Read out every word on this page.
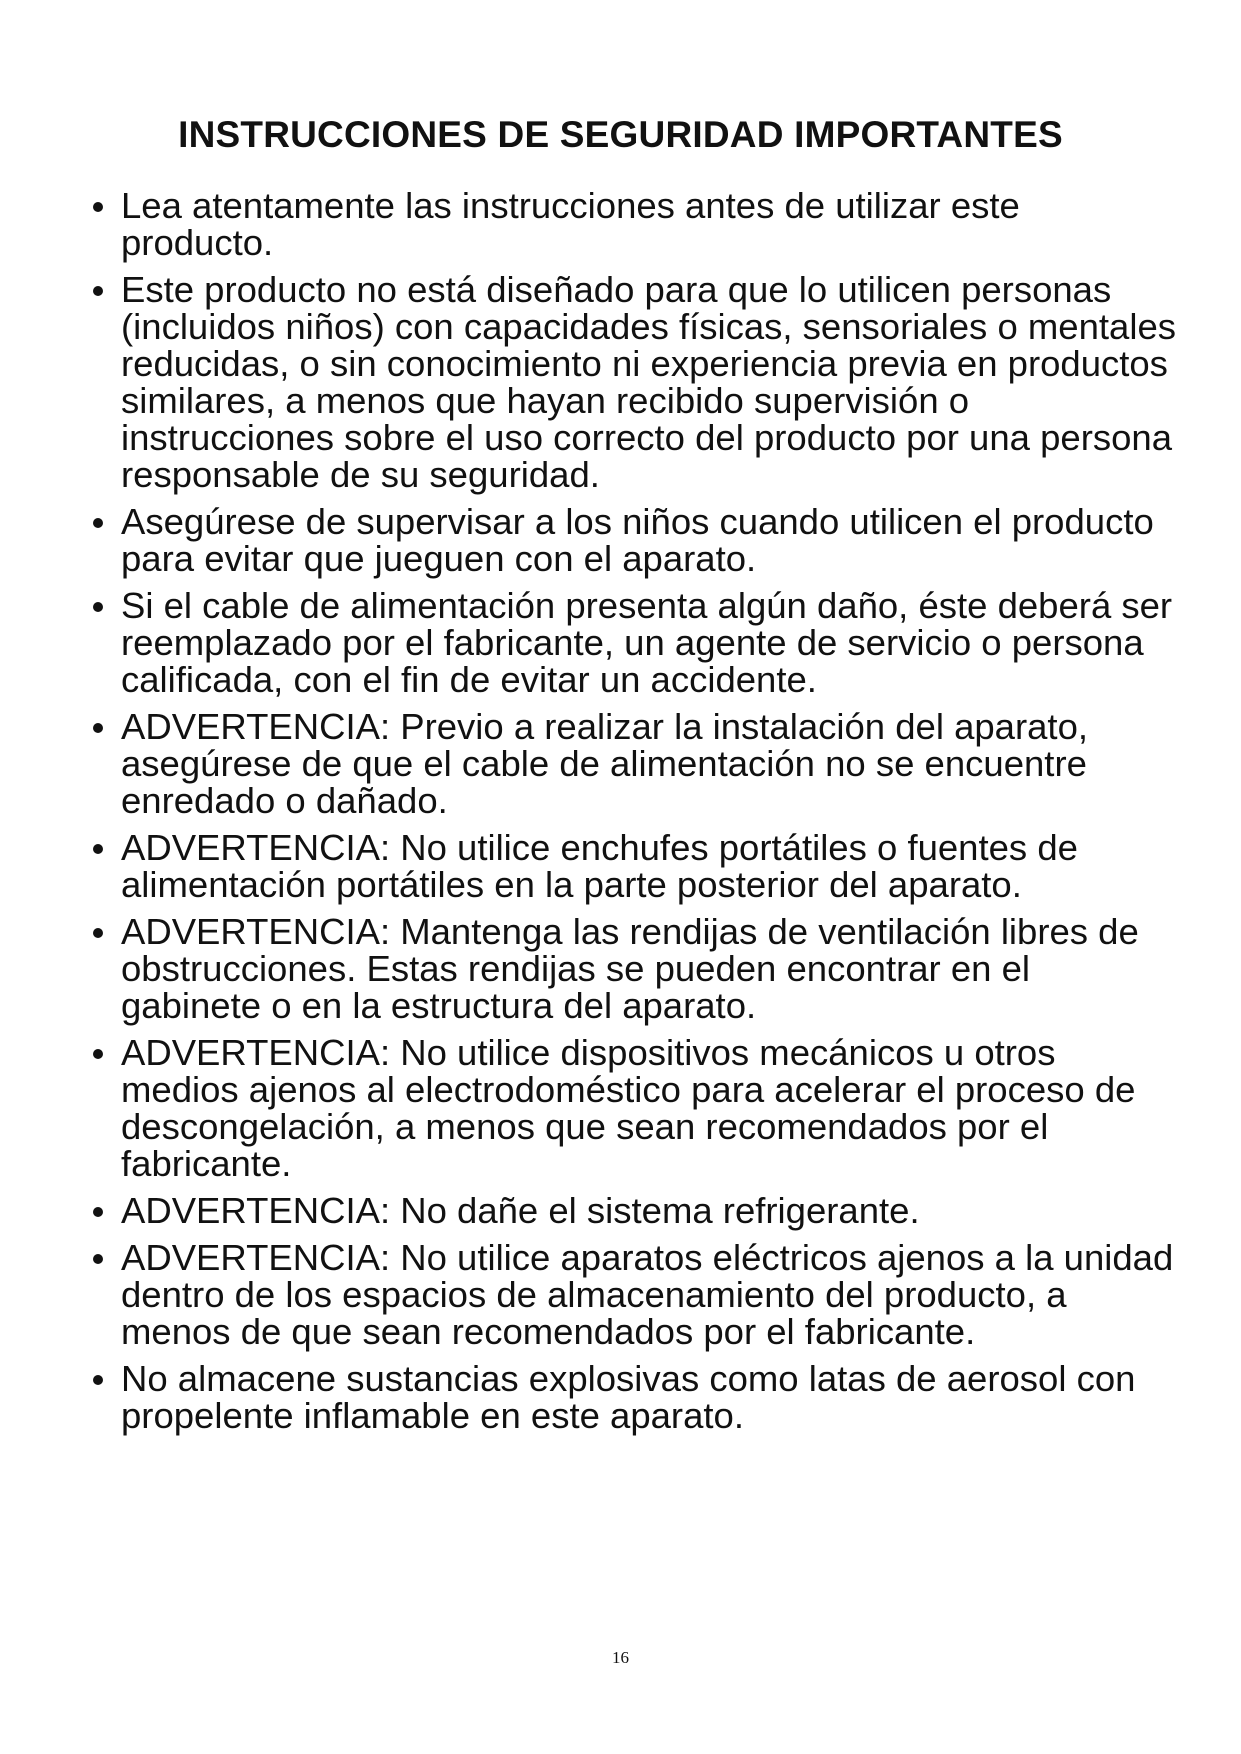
INSTRUCCIONES DE SEGURIDAD IMPORTANTES
Lea atentamente las instrucciones antes de utilizar este producto.
Este producto no está diseñado para que lo utilicen personas (incluidos niños) con capacidades físicas, sensoriales o mentales reducidas, o sin conocimiento ni experiencia previa en productos similares, a menos que hayan recibido supervisión o instrucciones sobre el uso correcto del producto por una persona responsable de su seguridad.
Asegúrese de supervisar a los niños cuando utilicen el producto para evitar que jueguen con el aparato.
Si el cable de alimentación presenta algún daño, éste deberá ser reemplazado por el fabricante, un agente de servicio o persona calificada, con el fin de evitar un accidente.
ADVERTENCIA: Previo a realizar la instalación del aparato, asegúrese de que el cable de alimentación no se encuentre enredado o dañado.
ADVERTENCIA: No utilice enchufes portátiles o fuentes de alimentación portátiles en la parte posterior del aparato.
ADVERTENCIA: Mantenga las rendijas de ventilación libres de obstrucciones. Estas rendijas se pueden encontrar en el gabinete o en la estructura del aparato.
ADVERTENCIA: No utilice dispositivos mecánicos u otros medios ajenos al electrodoméstico para acelerar el proceso de descongelación, a menos que sean recomendados por el fabricante.
ADVERTENCIA: No dañe el sistema refrigerante.
ADVERTENCIA: No utilice aparatos eléctricos ajenos a la unidad dentro de los espacios de almacenamiento del producto, a menos de que sean recomendados por el fabricante.
No almacene sustancias explosivas como latas de aerosol con propelente inflamable en este aparato.
16
